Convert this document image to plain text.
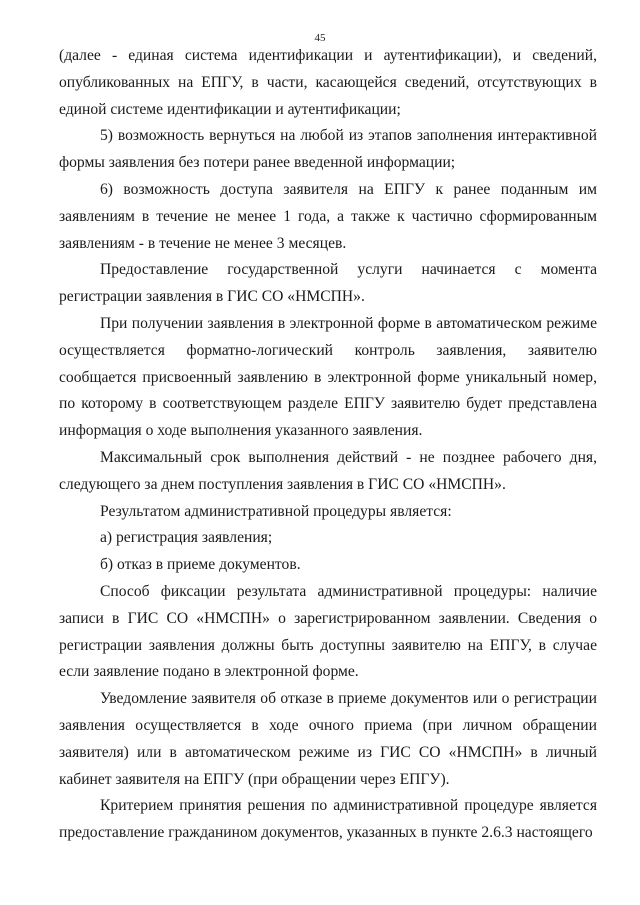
45

(далее - единая система идентификации и аутентификации), и сведений, опубликованных на ЕПГУ, в части, касающейся сведений, отсутствующих в единой системе идентификации и аутентификации;

5) возможность вернуться на любой из этапов заполнения интерактивной формы заявления без потери ранее введенной информации;

6) возможность доступа заявителя на ЕПГУ к ранее поданным им заявлениям в течение не менее 1 года, а также к частично сформированным заявлениям - в течение не менее 3 месяцев.

Предоставление государственной услуги начинается с момента регистрации заявления в ГИС СО «НМСПН».

При получении заявления в электронной форме в автоматическом режиме осуществляется форматно-логический контроль заявления, заявителю сообщается присвоенный заявлению в электронной форме уникальный номер, по которому в соответствующем разделе ЕПГУ заявителю будет представлена информация о ходе выполнения указанного заявления.

Максимальный срок выполнения действий - не позднее рабочего дня, следующего за днем поступления заявления в ГИС СО «НМСПН».

Результатом административной процедуры является:

а) регистрация заявления;

б) отказ в приеме документов.

Способ фиксации результата административной процедуры: наличие записи в ГИС СО «НМСПН» о зарегистрированном заявлении. Сведения о регистрации заявления должны быть доступны заявителю на ЕПГУ, в случае если заявление подано в электронной форме.

Уведомление заявителя об отказе в приеме документов или о регистрации заявления осуществляется в ходе очного приема (при личном обращении заявителя) или в автоматическом режиме из ГИС СО «НМСПН» в личный кабинет заявителя на ЕПГУ (при обращении через ЕПГУ).

Критерием принятия решения по административной процедуре является предоставление гражданином документов, указанных в пункте 2.6.3 настоящего
